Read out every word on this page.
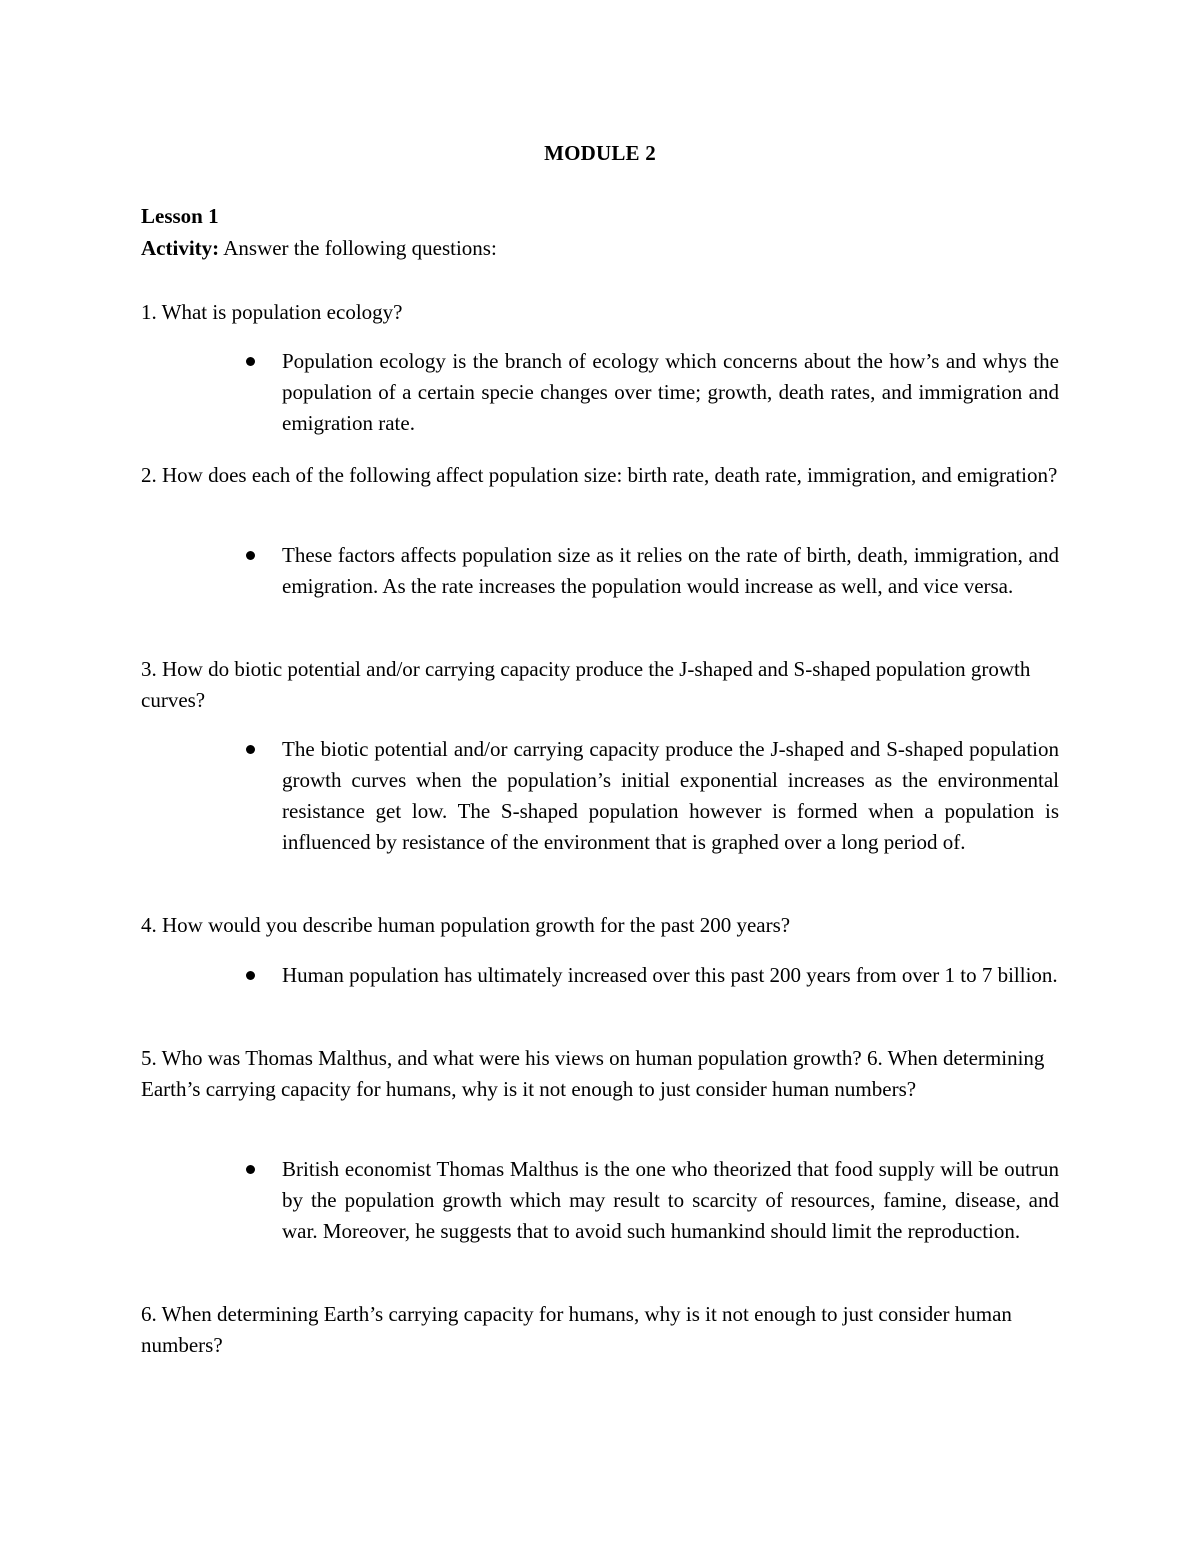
MODULE 2
Lesson 1
Activity: Answer the following questions:
1. What is population ecology?
Population ecology is the branch of ecology which concerns about the how’s and whys the population of a certain specie changes over time; growth, death rates, and immigration and emigration rate.
2. How does each of the following affect population size: birth rate, death rate, immigration, and emigration?
These factors affects population size as it relies on the rate of birth, death, immigration, and emigration. As the rate increases the population would increase as well, and vice versa.
3. How do biotic potential and/or carrying capacity produce the J-shaped and S-shaped population growth curves?
The biotic potential and/or carrying capacity produce the J-shaped and S-shaped population growth curves when the population’s initial exponential increases as the environmental resistance get low. The S-shaped population however is formed when a population is influenced by resistance of the environment that is graphed over a long period of.
4. How would you describe human population growth for the past 200 years?
Human population has ultimately increased over this past 200 years from over 1 to 7 billion.
5. Who was Thomas Malthus, and what were his views on human population growth? 6. When determining Earth’s carrying capacity for humans, why is it not enough to just consider human numbers?
British economist Thomas Malthus is the one who theorized that food supply will be outrun by the population growth which may result to scarcity of resources, famine, disease, and war. Moreover, he suggests that to avoid such humankind should limit the reproduction.
6. When determining Earth’s carrying capacity for humans, why is it not enough to just consider human numbers?
